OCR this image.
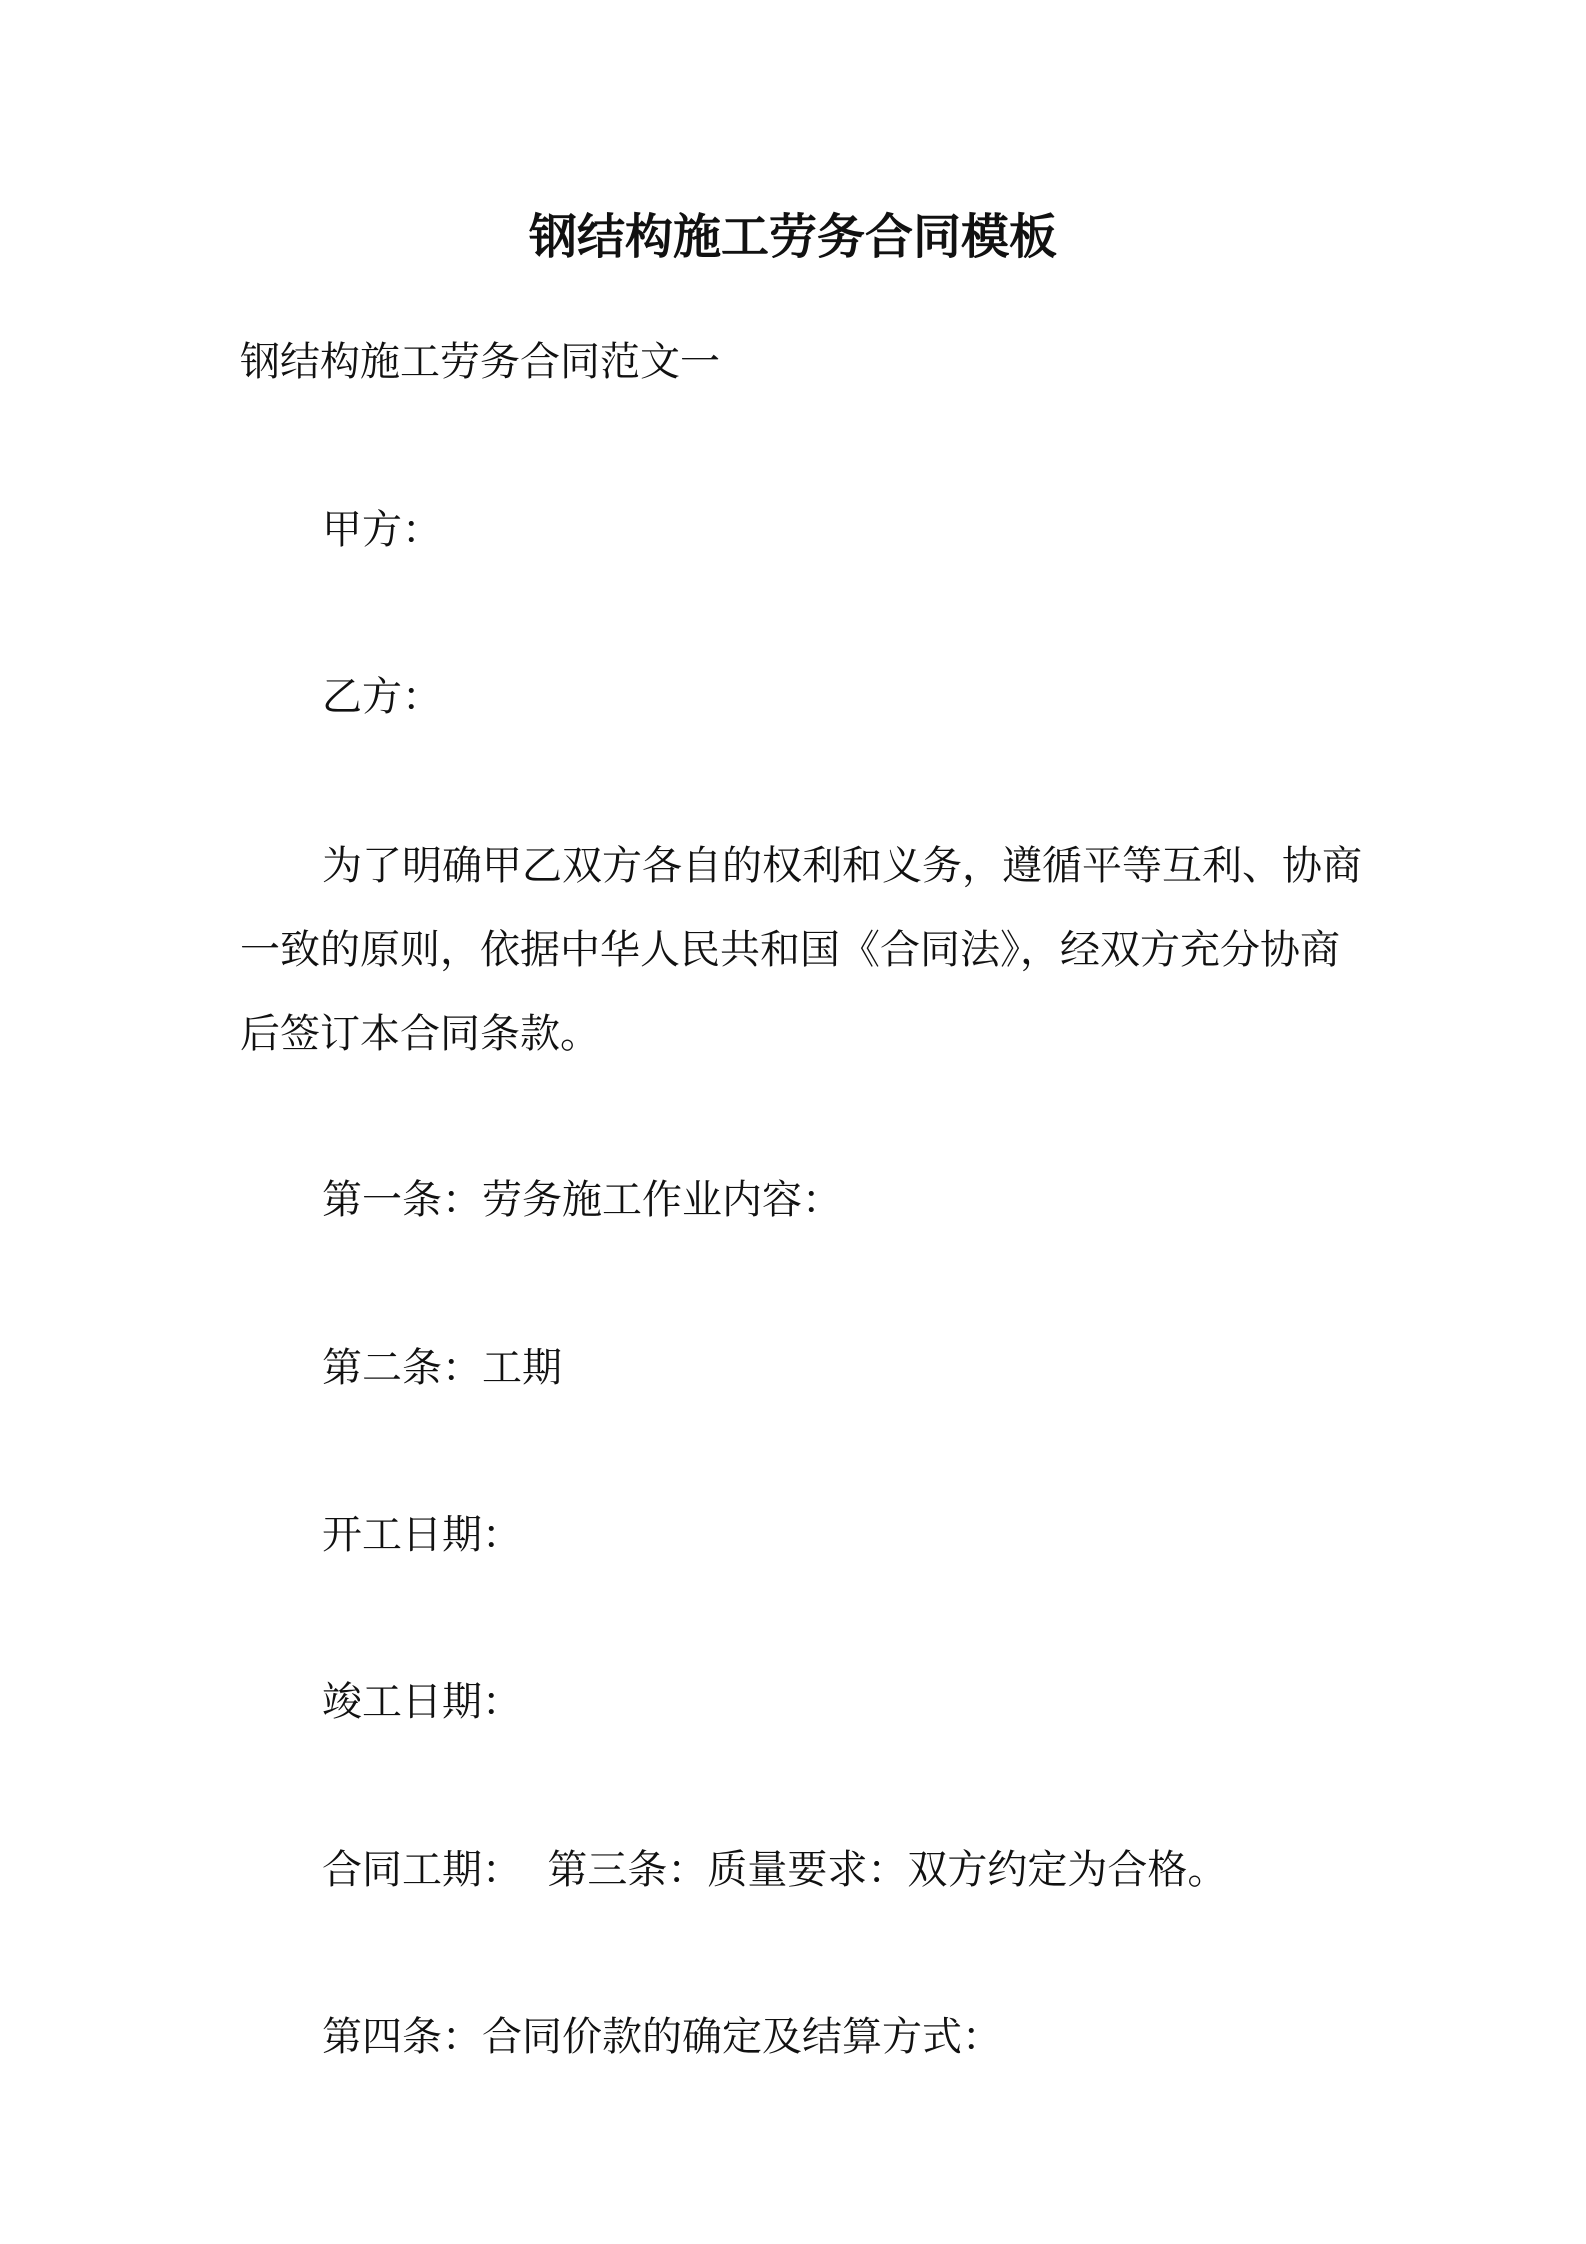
钢结构施工劳务合同模板
钢结构施工劳务合同范文一
甲方：
乙方：
为了明确甲乙双方各自的权利和义务，遵循平等互利、协商
一致的原则，依据中华人民共和国《合同法》，经双方充分协商
后签订本合同条款。
第一条：劳务施工作业内容：
第二条：工期
开工日期：
竣工日期：
合同工期：  第三条：质量要求：双方约定为合格。
第四条：合同价款的确定及结算方式：
